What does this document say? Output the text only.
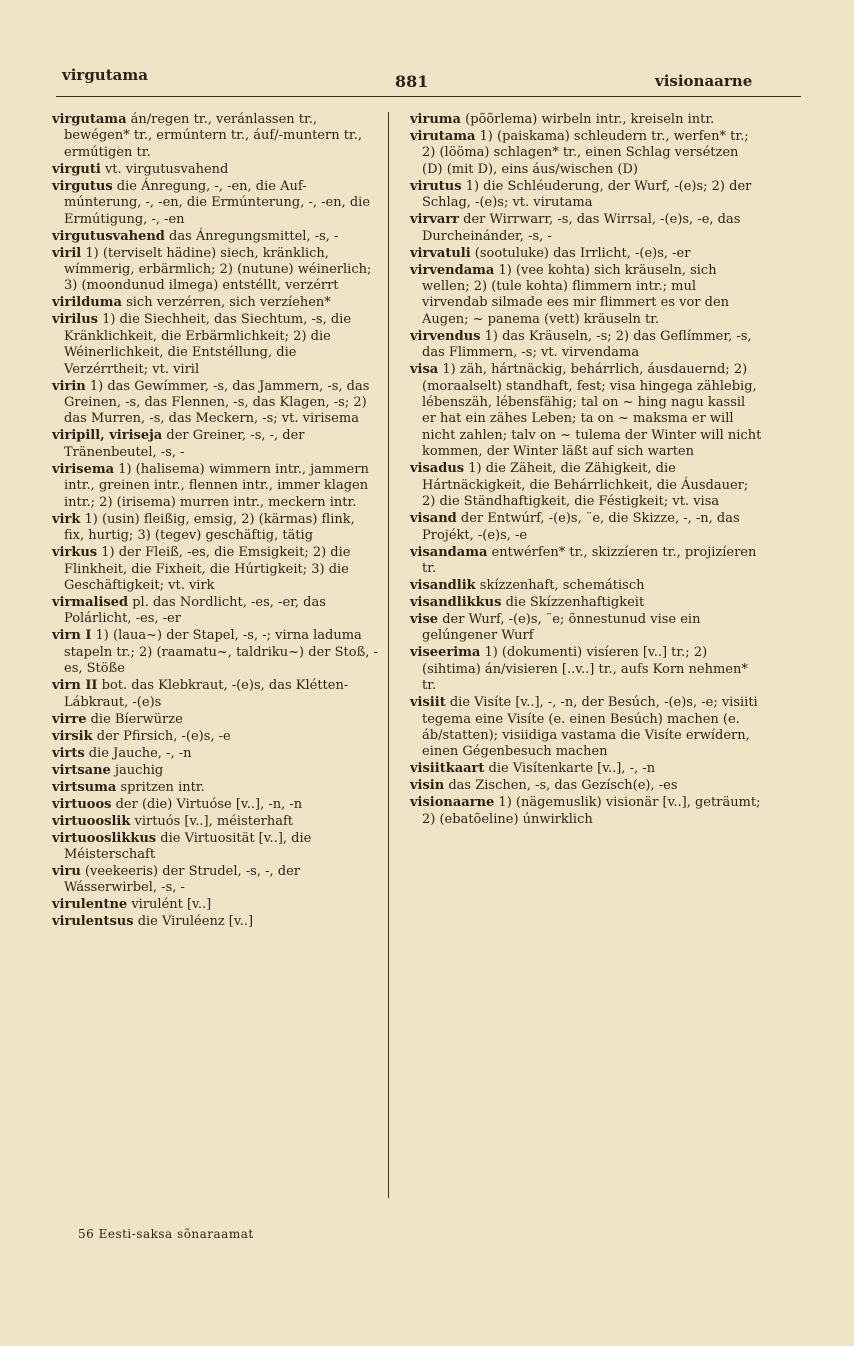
virgutama	881	visionaarne
virgutama án/regen tr., veránlassen tr., bewégen* tr., ermúntern tr., áuf/-muntern tr., ermútigen tr.
virguti vt. virgutusvahend
virgutus die Ánregung, -, -en, die Auf-múnterung, -, -en, die Ermúnterung, -, -en, die Ermútigung, -, -en
virgutusvahend das Ánregungsmittel, -s, -
viril 1) (terviselt hädine) siech, kränklich, wímmerig, erbärmlich; 2) (nutune) wéinerlich; 3) (moondunud ilmega) entstéllt, verzérrt
virilduma sich verzérren, sich verzíehen*
virilus 1) die Siechheit, das Siechtum, -s, die Kränklichkeit, die Erbärmlichkeit; 2) die Wéinerlichkeit, die Entstéllung, die Verzérrtheit; vt. viril
virin 1) das Gewímmer, -s, das Jammern, -s, das Greinen, -s, das Flennen, -s, das Klagen, -s; 2) das Murren, -s, das Meckern, -s; vt. virisema
viripill, viriseja der Greiner, -s, -, der Tränenbeutel, -s, -
virisema 1) (halisema) wimmern intr., jammern intr., greinen intr., flennen intr., immer klagen intr.; 2) (irisema) murren intr., meckern intr.
virk 1) (usin) fleißig, emsig, 2) (kärmas) flink, fix, hurtig; 3) (tegev) geschäftig, tätig
virkus 1) der Fleiß, -es, die Emsigkeit; 2) die Flinkheit, die Fixheit, die Húrtigkeit; 3) die Geschäftigkeit; vt. virk
virmalised pl. das Nordlicht, -es, -er, das Polárlicht, -es, -er
virn I 1) (laua~) der Stapel, -s, -; virna laduma stapeln tr.; 2) (raamatu~, taldriku~) der Stoß, -es, Stöße
virn II bot. das Klebkraut, -(e)s, das Klétten-Lábkraut, -(e)s
virre die Bíerwürze
virsik der Pfirsich, -(e)s, -e
virts die Jauche, -, -n
virtsane jauchig
virtsuma spritzen intr.
virtuoos der (die) Virtuóse [v..], -n, -n
virtuooslik virtuós [v..], méisterhaft
virtuooslikkus die Virtuosität [v..], die Méisterschaft
viru (veekeeris) der Strudel, -s, -, der Wásserwirbel, -s, -
virulentne virulént [v..]
virulentsus die Viruléenz [v..]
viruma (põõrlema) wirbeln intr., kreiseln intr.
virutama 1) (paiskama) schleudern tr., werfen* tr.; 2) (lööma) schlagen* tr., einen Schlag versétzen (D) (mit D), eins áus/wischen (D)
virutus 1) die Schléuderung, der Wurf, -(e)s; 2) der Schlag, -(e)s; vt. virutama
virvarr der Wirrwarr, -s, das Wirrsal, -(e)s, -e, das Durcheinánder, -s, -
virvatuli (sootuluke) das Irrlicht, -(e)s, -er
virvendama 1) (vee kohta) sich kräuseln, sich wellen; 2) (tule kohta) flimmern intr.; mul virvendab silmade ees mir flimmert es vor den Augen; ~ panema (vett) kräuseln tr.
virvendus 1) das Kräuseln, -s; 2) das Geflímmer, -s, das Flimmern, -s; vt. virvendama
visa 1) zäh, hártnäckig, behárrlich, áusdauernd; 2) (moraalselt) standhaft, fest; visa hingega zählebig, lébenszäh, lébensfähig; tal on ~ hing nagu kassil er hat ein zähes Leben; ta on ~ maksma er will nicht zahlen; talv on ~ tulema der Winter will nicht kommen, der Winter läßt auf sich warten
visadus 1) die Zäheit, die Zähigkeit, die Hártnäckigkeit, die Behárrlichkeit, die Áusdauer; 2) die Ständhaftigkeit, die Féstigkeit; vt. visa
visand der Entwúrf, -(e)s, ¨e, die Skizze, -, -n, das Projékt, -(e)s, -e
visandama entwérfen* tr., skizzíeren tr., projizíeren tr.
visandlik skízzenhaft, schemátisch
visandlikkus die Skízzenhaftigkeit
vise der Wurf, -(e)s, ¨e; õnnestunud vise ein gelúngener Wurf
viseerima 1) (dokumenti) visíeren [v..] tr.; 2) (sihtima) án/visieren [..v..] tr., aufs Korn nehmen* tr.
visiit die Visíte [v..], -, -n, der Besúch, -(e)s, -e; visiiti tegema eine Visíte (e. einen Besúch) machen (e. áb/statten); visiidiga vastama die Visíte erwídern, einen Gégenbesuch machen
visiitkaart die Visítenkarte [v..], -, -n
visin das Zischen, -s, das Gezísch(e), -es
visionaarne 1) (nägemuslik) visionär [v..], geträumt; 2) (ebatõeline) únwirklich
56 Eesti-saksa sõnaraamat
